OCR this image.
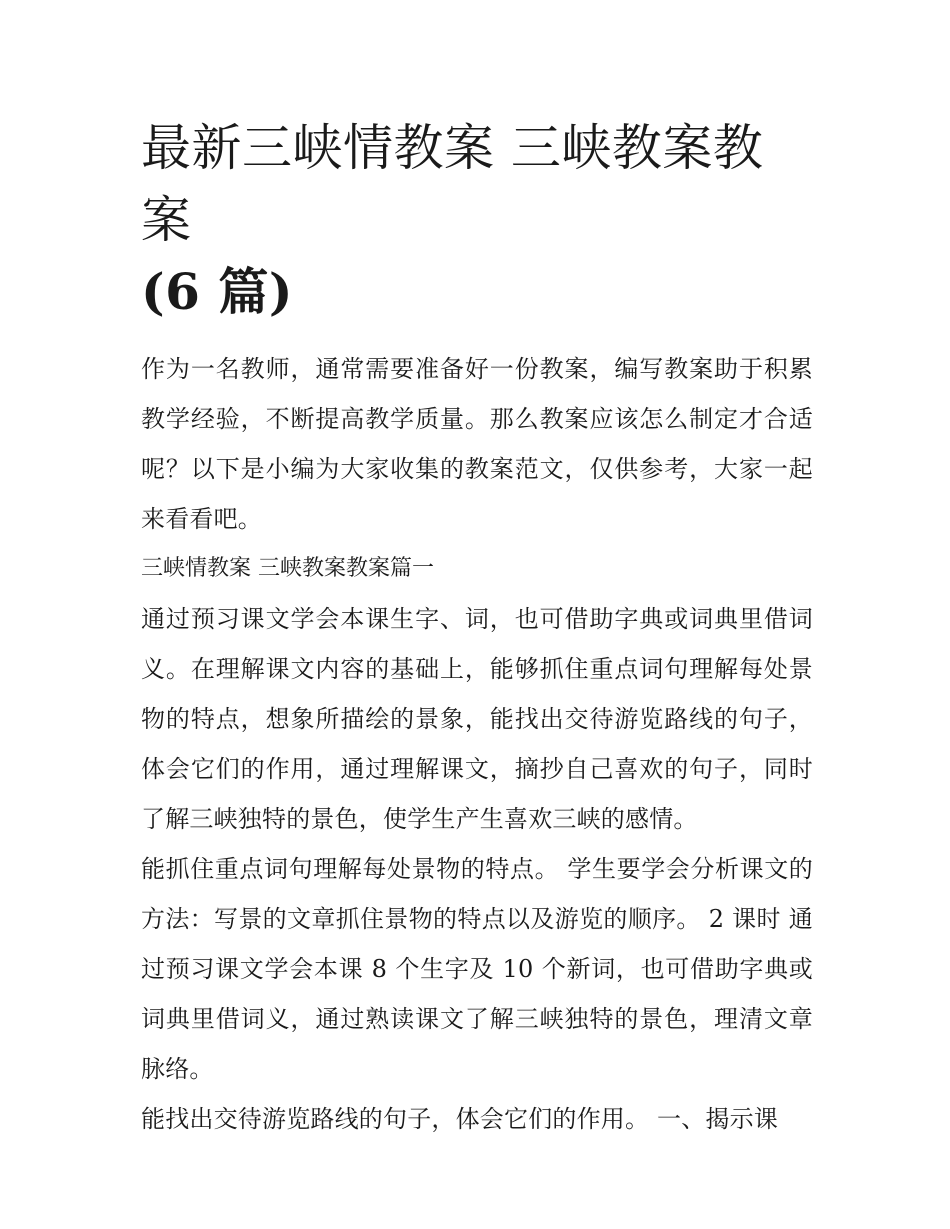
最新三峡情教案 三峡教案教案
(6 篇)

作为一名教师，通常需要准备好一份教案，编写教案助于积累教学经验，不断提高教学质量。那么教案应该怎么制定才合适呢？以下是小编为大家收集的教案范文，仅供参考，大家一起来看看吧。

三峡情教案 三峡教案教案篇一

通过预习课文学会本课生字、词，也可借助字典或词典里借词义。在理解课文内容的基础上，能够抓住重点词句理解每处景物的特点，想象所描绘的景象，能找出交待游览路线的句子，体会它们的作用，通过理解课文，摘抄自己喜欢的句子，同时了解三峡独特的景色，使学生产生喜欢三峡的感情。

能抓住重点词句理解每处景物的特点。 学生要学会分析课文的方法：写景的文章抓住景物的特点以及游览的顺序。 2 课时 通过预习课文学会本课 8 个生字及 10 个新词，也可借助字典或词典里借词义，通过熟读课文了解三峡独特的景色，理清文章脉络。

能找出交待游览路线的句子，体会它们的作用。 一、揭示课
